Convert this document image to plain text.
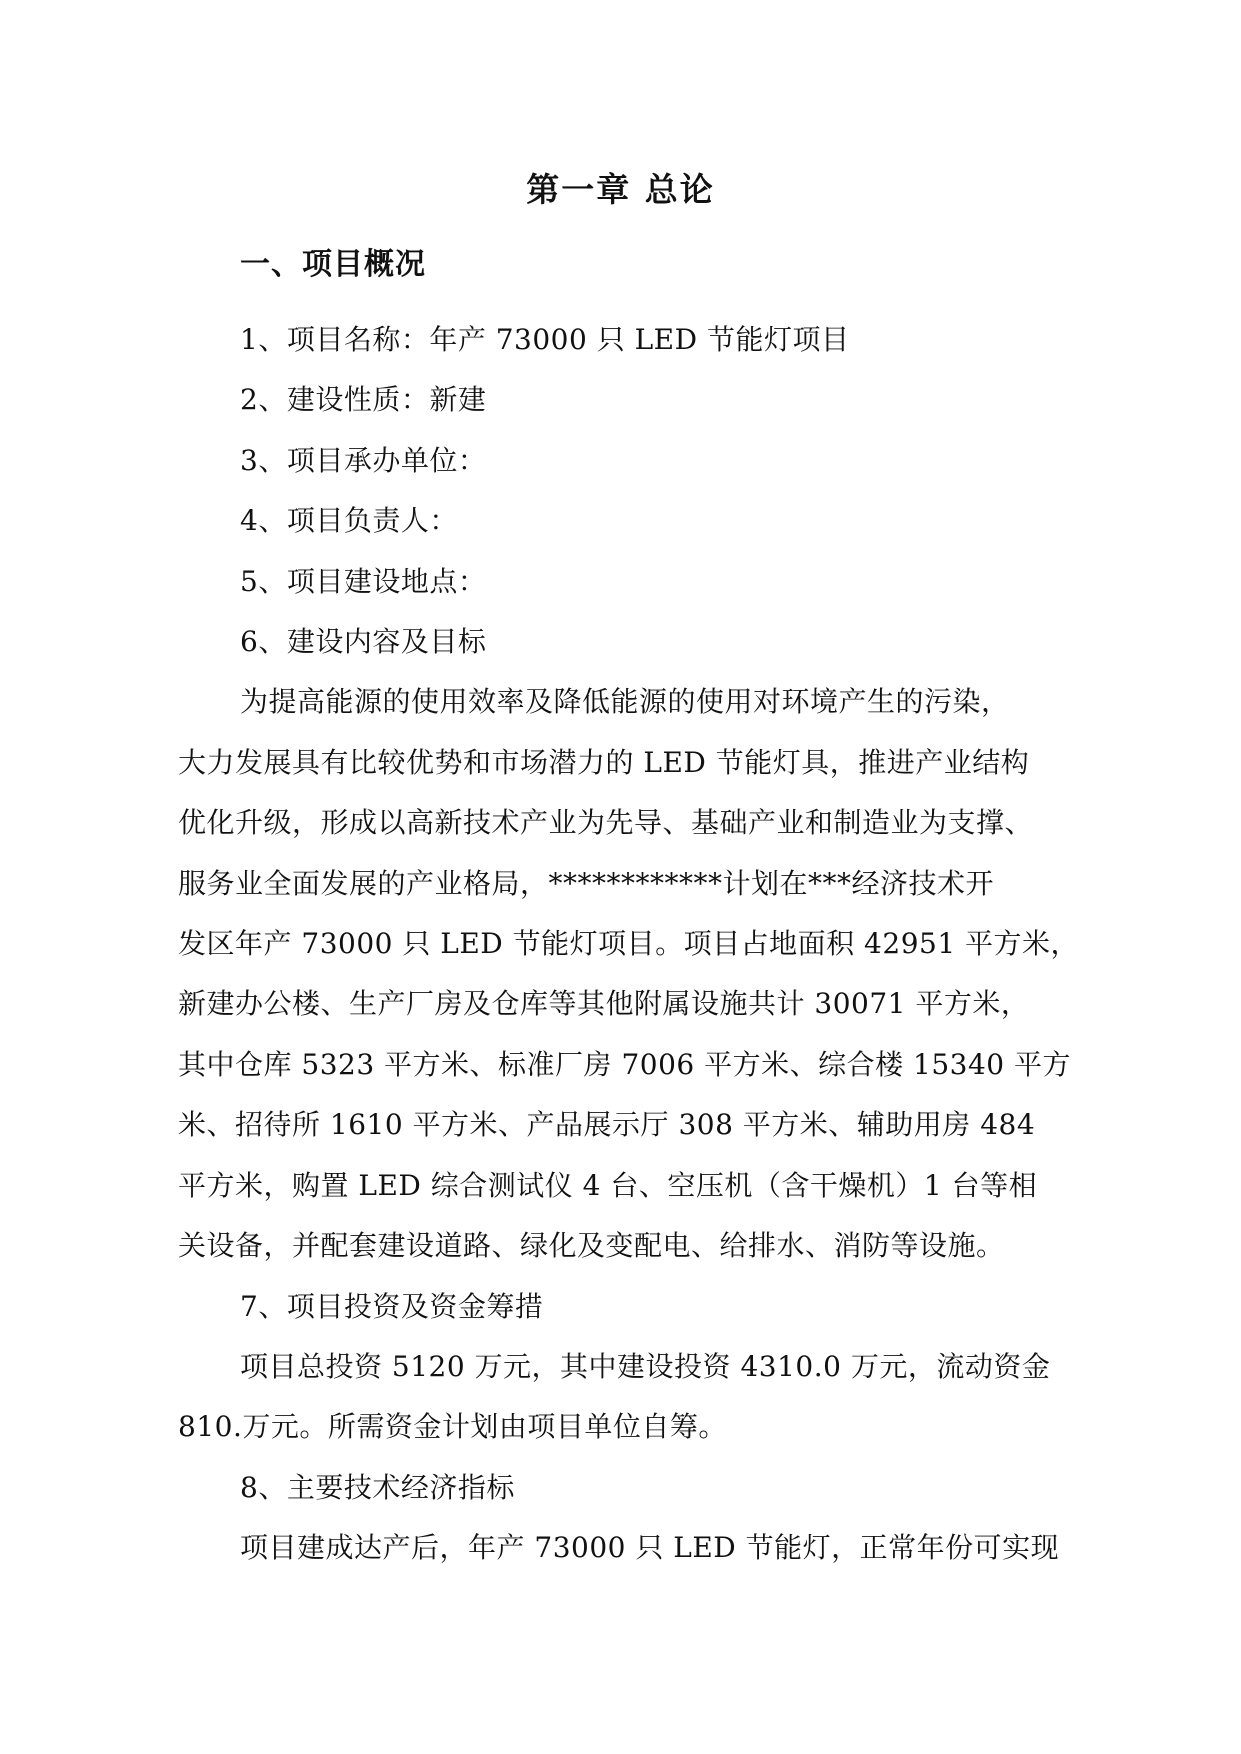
第一章 总论
一、项目概况
1、项目名称：年产 73000 只 LED 节能灯项目
2、建设性质：新建
3、项目承办单位：
4、项目负责人：
5、项目建设地点：
6、建设内容及目标
为提高能源的使用效率及降低能源的使用对环境产生的污染，
大力发展具有比较优势和市场潜力的 LED 节能灯具，推进产业结构
优化升级，形成以高新技术产业为先导、基础产业和制造业为支撑、
服务业全面发展的产业格局，************计划在***经济技术开
发区年产 73000 只 LED 节能灯项目。项目占地面积 42951 平方米，
新建办公楼、生产厂房及仓库等其他附属设施共计 30071 平方米，
其中仓库 5323 平方米、标准厂房 7006 平方米、综合楼 15340 平方
米、招待所 1610 平方米、产品展示厅 308 平方米、辅助用房 484
平方米，购置 LED 综合测试仪 4 台、空压机（含干燥机）1 台等相
关设备，并配套建设道路、绿化及变配电、给排水、消防等设施。
7、项目投资及资金筹措
项目总投资 5120 万元，其中建设投资 4310.0 万元，流动资金
810.万元。所需资金计划由项目单位自筹。
8、主要技术经济指标
项目建成达产后，年产 73000 只 LED 节能灯，正常年份可实现
